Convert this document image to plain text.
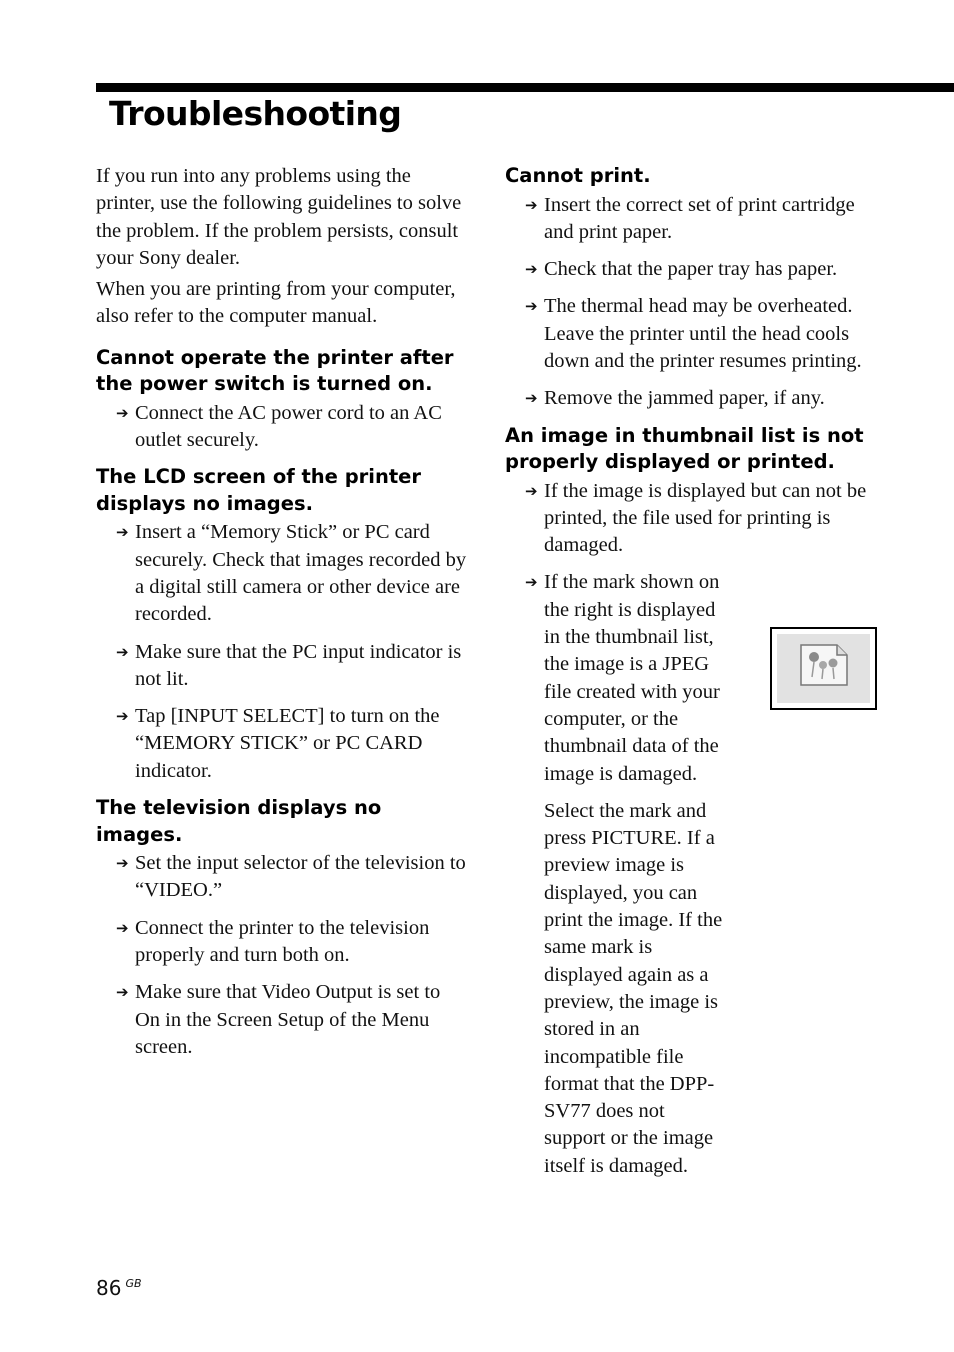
Troubleshooting

If you run into any problems using the printer, use the following guidelines to solve the problem. If the problem persists, consult your Sony dealer.

When you are printing from your computer, also refer to the computer manual.

Cannot operate the printer after the power switch is turned on.
➔ Connect the AC power cord to an AC outlet securely.
The LCD screen of the printer displays no images.
➔ Insert a “Memory Stick” or PC card securely. Check that images recorded by a digital still camera or other device are recorded.
➔ Make sure that the PC input indicator is not lit.
➔ Tap [INPUT SELECT] to turn on the “MEMORY STICK” or PC CARD indicator.
The television displays no images.
➔ Set the input selector of the television to “VIDEO.”
➔ Connect the printer to the television properly and turn both on.
➔ Make sure that Video Output is set to On in the Screen Setup of the Menu screen.
Cannot print.
➔ Insert the correct set of print cartridge and print paper.
➔ Check that the paper tray has paper.
➔ The thermal head may be overheated. Leave the printer until the head cools down and the printer resumes printing.
➔ Remove the jammed paper, if any.
An image in thumbnail list is not properly displayed or printed.
➔ If the image is displayed but can not be printed, the file used for printing is damaged.
➔ If the mark shown on the right is displayed in the thumbnail list, the image is a JPEG file created with your computer, or the thumbnail data of the image is damaged.
Select the mark and press PICTURE. If a preview image is displayed, you can print the image. If the same mark is displayed again as a preview, the image is stored in an incompatible file format that the DPP-SV77 does not support or the image itself is damaged.
86 $^{GB}$
